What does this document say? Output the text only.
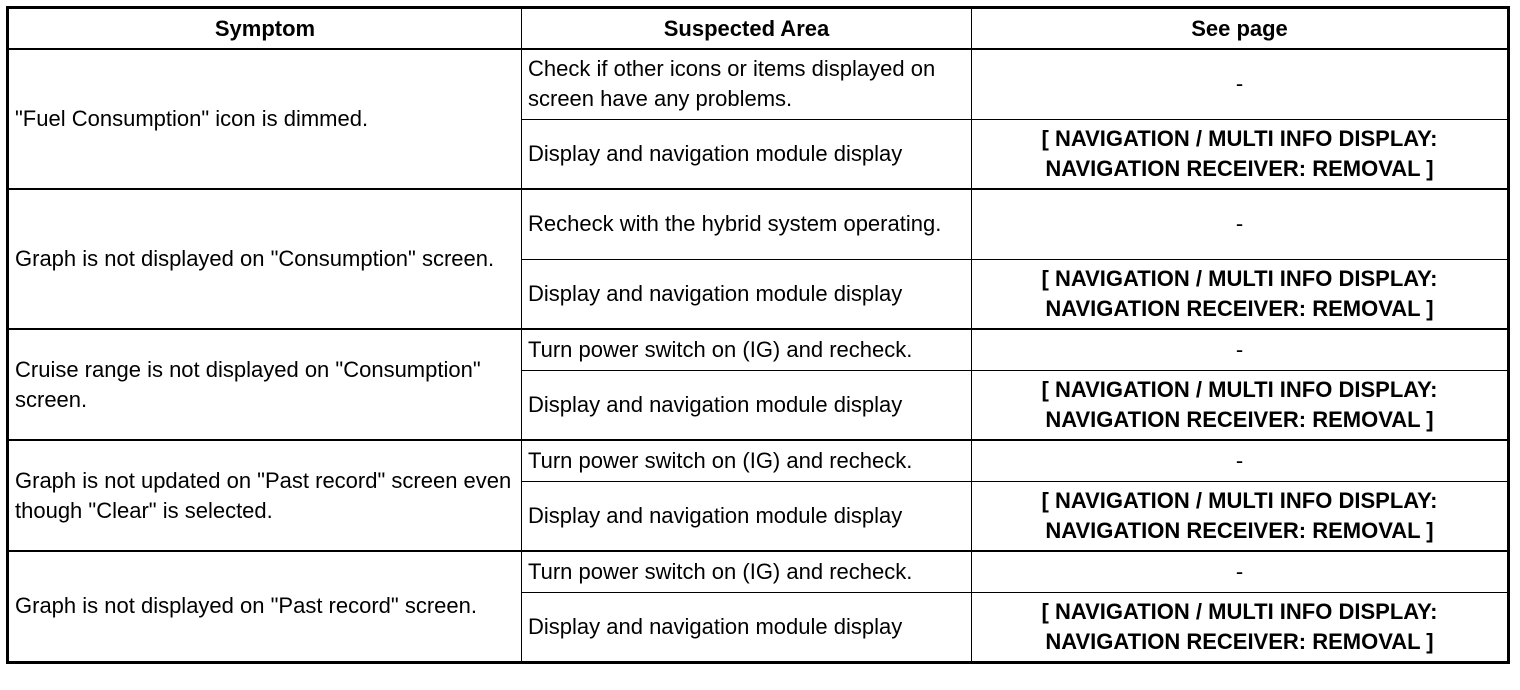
Symptom	Suspected Area	See page
"Fuel Consumption" icon is dimmed.	Check if other icons or items displayed on screen have any problems.	-
	Display and navigation module display	[ NAVIGATION / MULTI INFO DISPLAY: NAVIGATION RECEIVER: REMOVAL ]
Graph is not displayed on "Consumption" screen.	Recheck with the hybrid system operating.	-
	Display and navigation module display	[ NAVIGATION / MULTI INFO DISPLAY: NAVIGATION RECEIVER: REMOVAL ]
Cruise range is not displayed on "Consumption" screen.	Turn power switch on (IG) and recheck.	-
	Display and navigation module display	[ NAVIGATION / MULTI INFO DISPLAY: NAVIGATION RECEIVER: REMOVAL ]
Graph is not updated on "Past record" screen even though "Clear" is selected.	Turn power switch on (IG) and recheck.	-
	Display and navigation module display	[ NAVIGATION / MULTI INFO DISPLAY: NAVIGATION RECEIVER: REMOVAL ]
Graph is not displayed on "Past record" screen.	Turn power switch on (IG) and recheck.	-
	Display and navigation module display	[ NAVIGATION / MULTI INFO DISPLAY: NAVIGATION RECEIVER: REMOVAL ]
